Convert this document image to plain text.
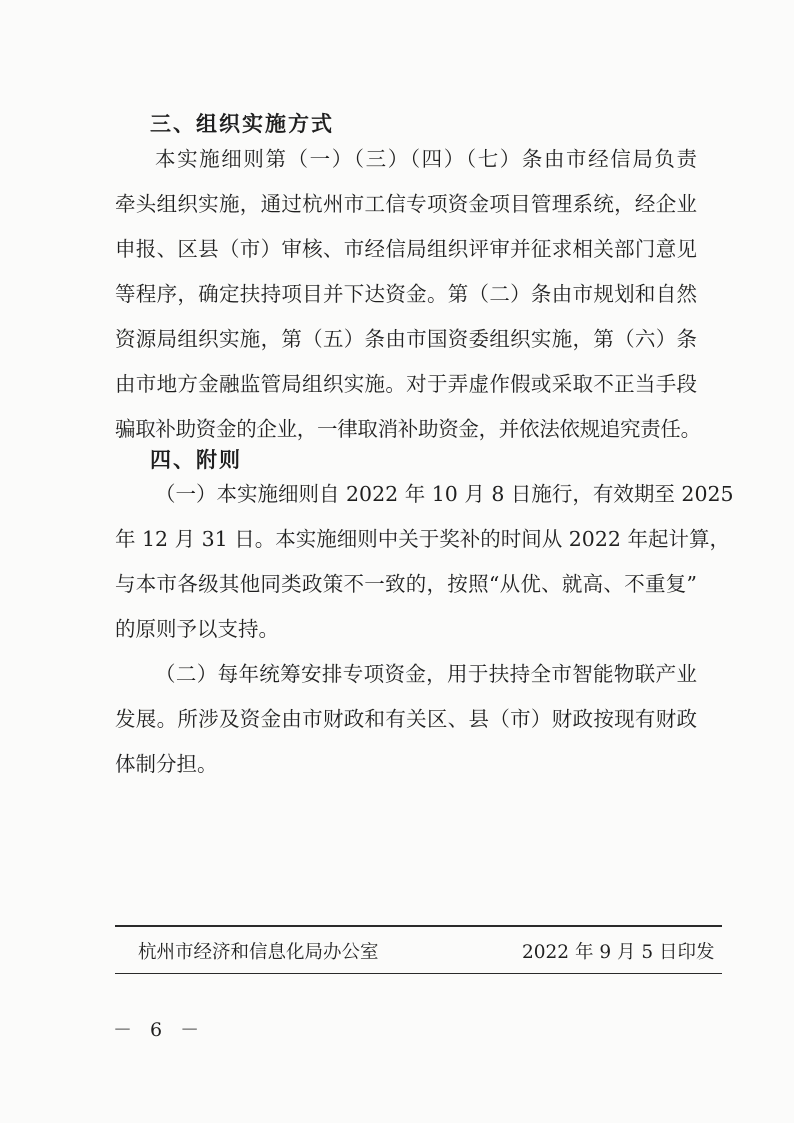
三、组织实施方式
本实施细则第（一）（三）（四）（七）条由市经信局负责
牵头组织实施，通过杭州市工信专项资金项目管理系统，经企业
申报、区县（市）审核、市经信局组织评审并征求相关部门意见
等程序，确定扶持项目并下达资金。第（二）条由市规划和自然
资源局组织实施，第（五）条由市国资委组织实施，第（六）条
由市地方金融监管局组织实施。对于弄虚作假或采取不正当手段
骗取补助资金的企业，一律取消补助资金，并依法依规追究责任。
四、附则
（一）本实施细则自 2022 年 10 月 8 日施行，有效期至 2025
年 12 月 31 日。本实施细则中关于奖补的时间从 2022 年起计算，
与本市各级其他同类政策不一致的，按照“从优、就高、不重复”
的原则予以支持。
（二）每年统筹安排专项资金，用于扶持全市智能物联产业
发展。所涉及资金由市财政和有关区、县（市）财政按现有财政
体制分担。
杭州市经济和信息化局办公室	2022 年 9 月 5 日印发
－ 6 －
